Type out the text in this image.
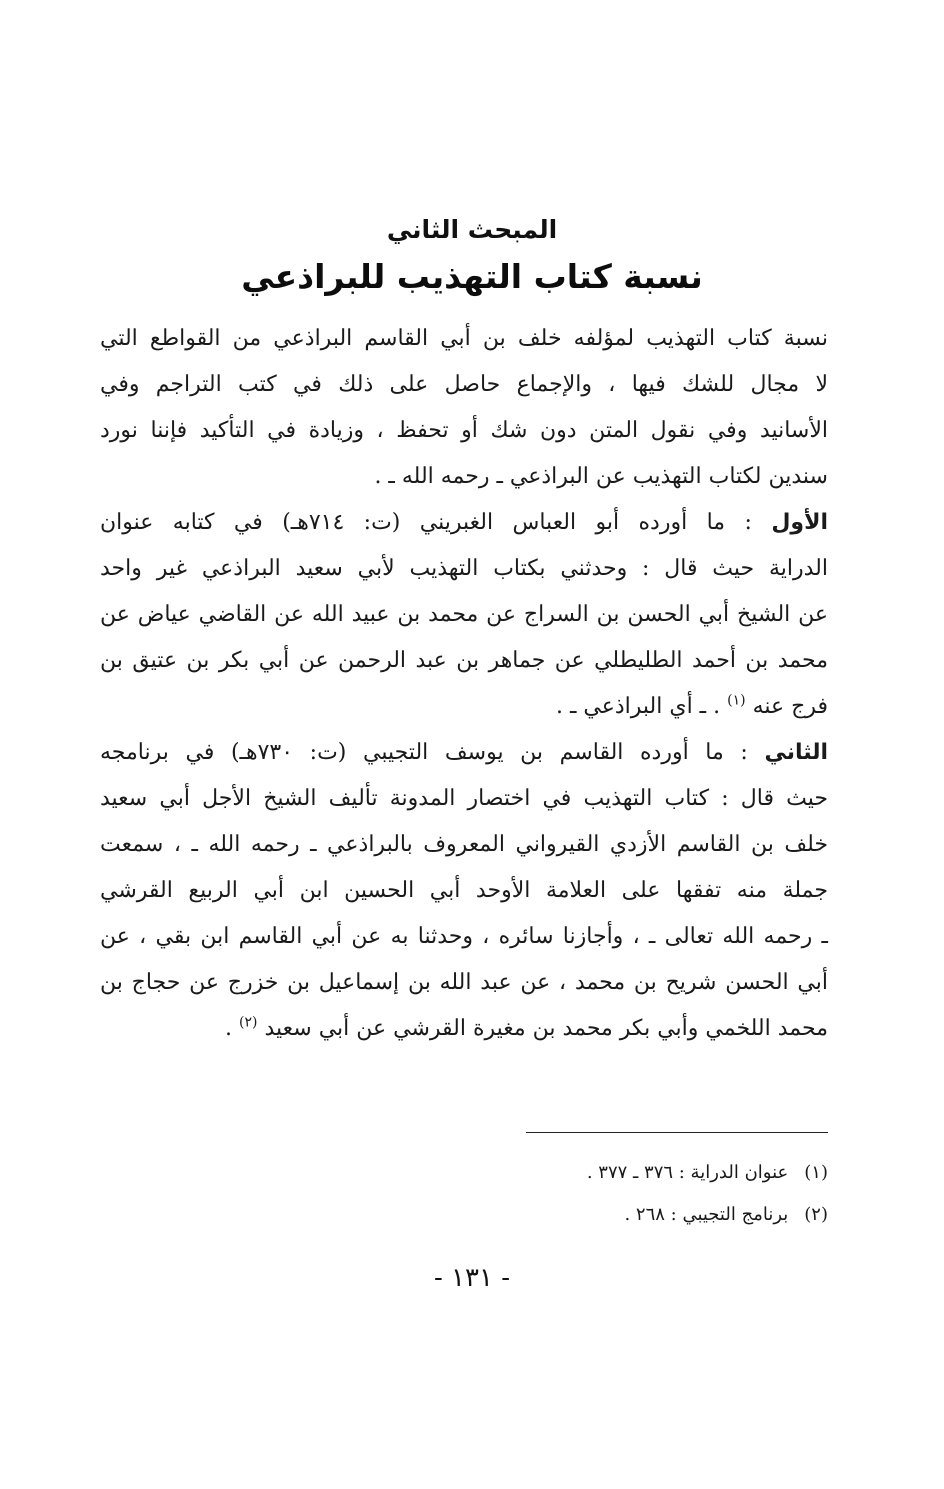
المبحث الثاني
نسبة كتاب التهذيب للبراذعي
نسبة كتاب التهذيب لمؤلفه خلف بن أبي القاسم البراذعي من القواطع التي
لا مجال للشك فيها ، والإجماع حاصل على ذلك في كتب التراجم وفي
الأسانيد وفي نقول المتن دون شك أو تحفظ ، وزيادة في التأكيد فإننا نورد
سندين لكتاب التهذيب عن البراذعي ـ رحمه الله ـ .
الأول : ما أورده أبو العباس الغبريني (ت: ٧١٤هـ) في كتابه عنوان
الدراية حيث قال : وحدثني بكتاب التهذيب لأبي سعيد البراذعي غير واحد
عن الشيخ أبي الحسن بن السراج عن محمد بن عبيد الله عن القاضي عياض عن
محمد بن أحمد الطليطلي عن جماهر بن عبد الرحمن عن أبي بكر بن عتيق بن
فرج عنه $^{(١)}$ . ـ أي البراذعي ـ .
الثاني : ما أورده القاسم بن يوسف التجيبي (ت: ٧٣٠هـ) في برنامجه
حيث قال : كتاب التهذيب في اختصار المدونة تأليف الشيخ الأجل أبي سعيد
خلف بن القاسم الأزدي القيرواني المعروف بالبراذعي ـ رحمه الله ـ ، سمعت
جملة منه تفقها على العلامة الأوحد أبي الحسين ابن أبي الربيع القرشي
ـ رحمه الله تعالى ـ ، وأجازنا سائره ، وحدثنا به عن أبي القاسم ابن بقي ، عن
أبي الحسن شريح بن محمد ، عن عبد الله بن إسماعيل بن خزرج عن حجاج بن
محمد اللخمي وأبي بكر محمد بن مغيرة القرشي عن أبي سعيد $^{(٢)}$ .
(١)عنوان الدراية : ٣٧٦ ـ ٣٧٧ .
(٢)برنامج التجيبي : ٢٦٨ .
- ١٣١ -
